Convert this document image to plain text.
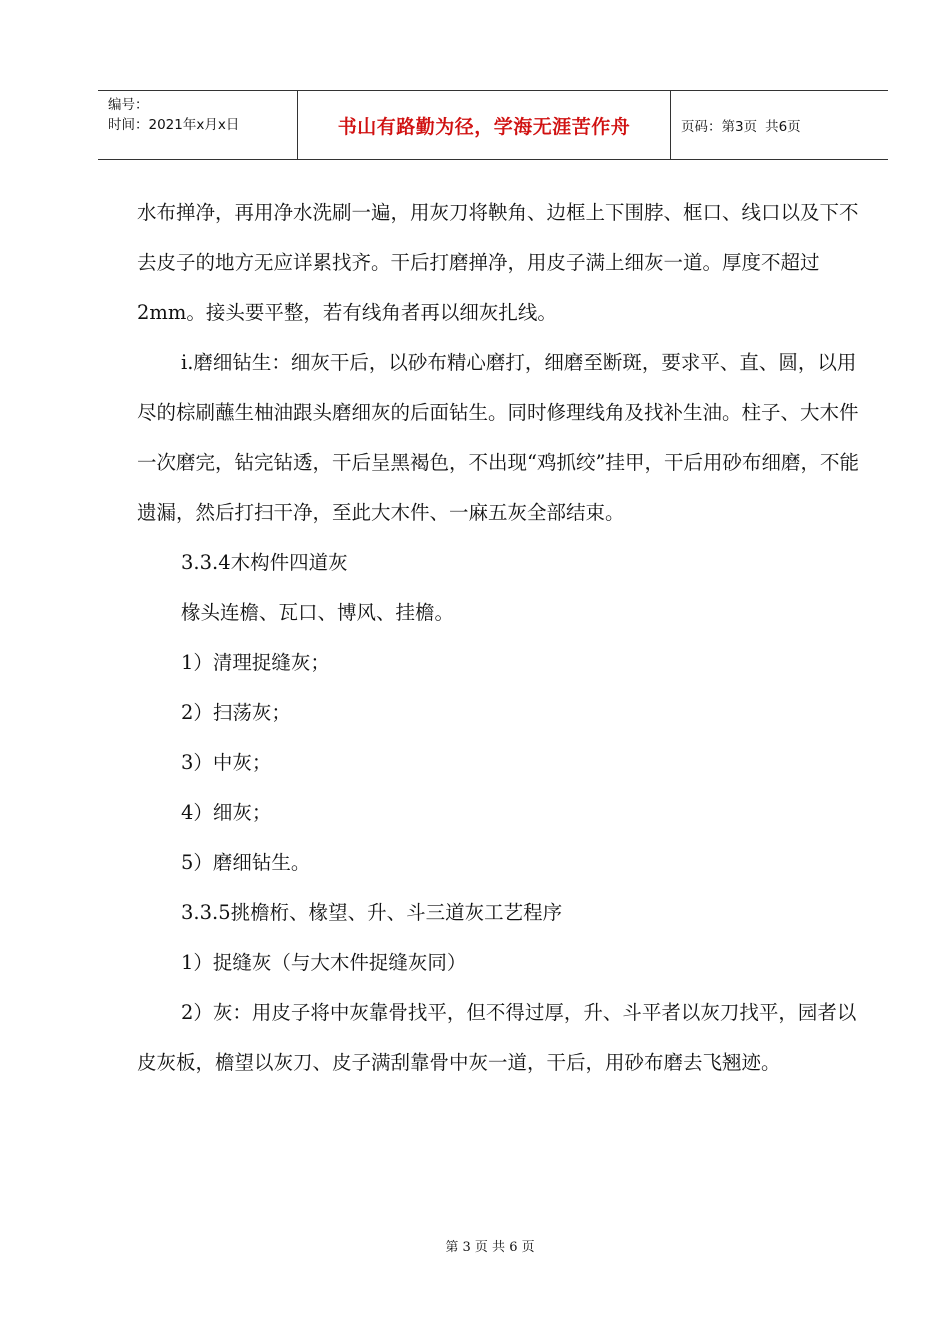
编号：
时间：2021年x月x日	书山有路勤为径，学海无涯苦作舟	页码：第3页 共6页

水布掸净，再用净水洗刷一遍，用灰刀将鞅角、边框上下围脖、框口、线口以及下不去皮子的地方无应详累找齐。干后打磨掸净，用皮子满上细灰一道。厚度不超过2mm。接头要平整，若有线角者再以细灰扎线。

i.磨细钻生：细灰干后，以砂布精心磨打，细磨至断斑，要求平、直、圆，以用尽的棕刷蘸生柚油跟头磨细灰的后面钻生。同时修理线角及找补生油。柱子、大木件一次磨完，钻完钻透，干后呈黑褐色，不出现“鸡抓绞”挂甲，干后用砂布细磨，不能遗漏，然后打扫干净，至此大木件、一麻五灰全部结束。

3.3.4木构件四道灰

椽头连檐、瓦口、博风、挂檐。

1）清理捉缝灰；

2）扫荡灰；

3）中灰；

4）细灰；

5）磨细钻生。

3.3.5挑檐桁、椽望、升、斗三道灰工艺程序

1）捉缝灰（与大木件捉缝灰同）

2）灰：用皮子将中灰靠骨找平，但不得过厚，升、斗平者以灰刀找平，园者以皮灰板，檐望以灰刀、皮子满刮靠骨中灰一道，干后，用砂布磨去飞翘迹。

第 3 页 共 6 页
